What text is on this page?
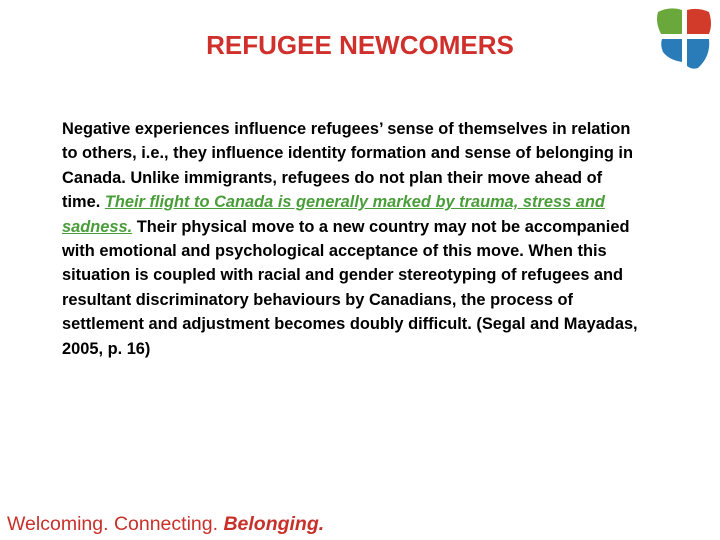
REFUGEE NEWCOMERS
Negative experiences influence refugees’ sense of themselves in relation to others, i.e., they influence identity formation and sense of belonging in Canada. Unlike immigrants, refugees do not plan their move ahead of time. Their flight to Canada is generally marked by trauma, stress and sadness. Their physical move to a new country may not be accompanied with emotional and psychological acceptance of this move. When this situation is coupled with racial and gender stereotyping of refugees and resultant discriminatory behaviours by Canadians, the process of settlement and adjustment becomes doubly difficult. (Segal and Mayadas, 2005, p. 16)
Welcoming. Connecting. Belonging.
